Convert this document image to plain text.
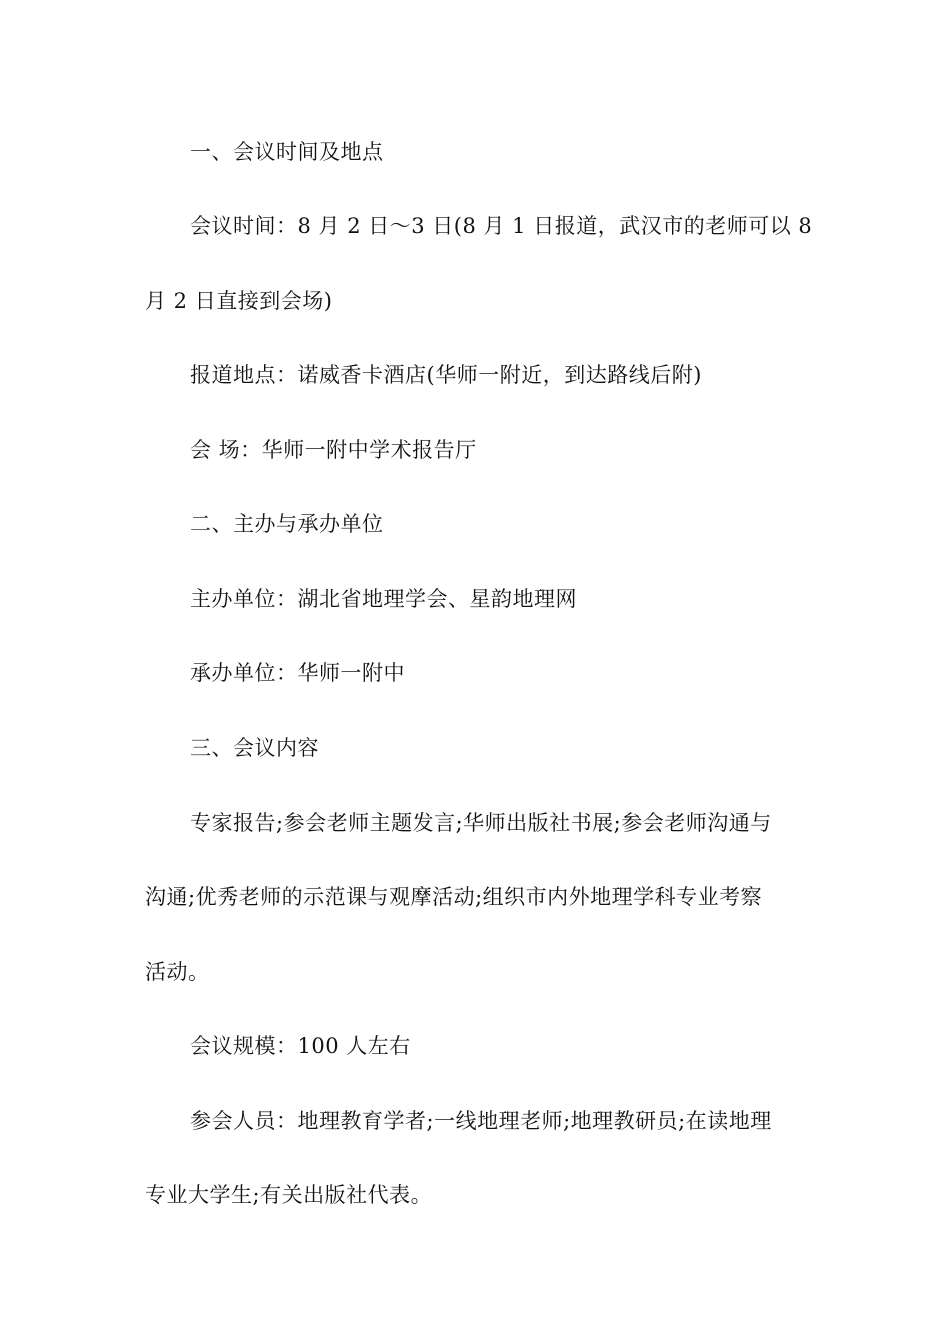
一、会议时间及地点

会议时间：8 月 2 日～3 日(8 月 1 日报道，武汉市的老师可以 8

月 2 日直接到会场)

报道地点：诺威香卡酒店(华师一附近，到达路线后附)

会 场：华师一附中学术报告厅

二、主办与承办单位

主办单位：湖北省地理学会、星韵地理网

承办单位：华师一附中

三、会议内容

专家报告;参会老师主题发言;华师出版社书展;参会老师沟通与

沟通;优秀老师的示范课与观摩活动;组织市内外地理学科专业考察

活动。

会议规模：100 人左右

参会人员：地理教育学者;一线地理老师;地理教研员;在读地理

专业大学生;有关出版社代表。
